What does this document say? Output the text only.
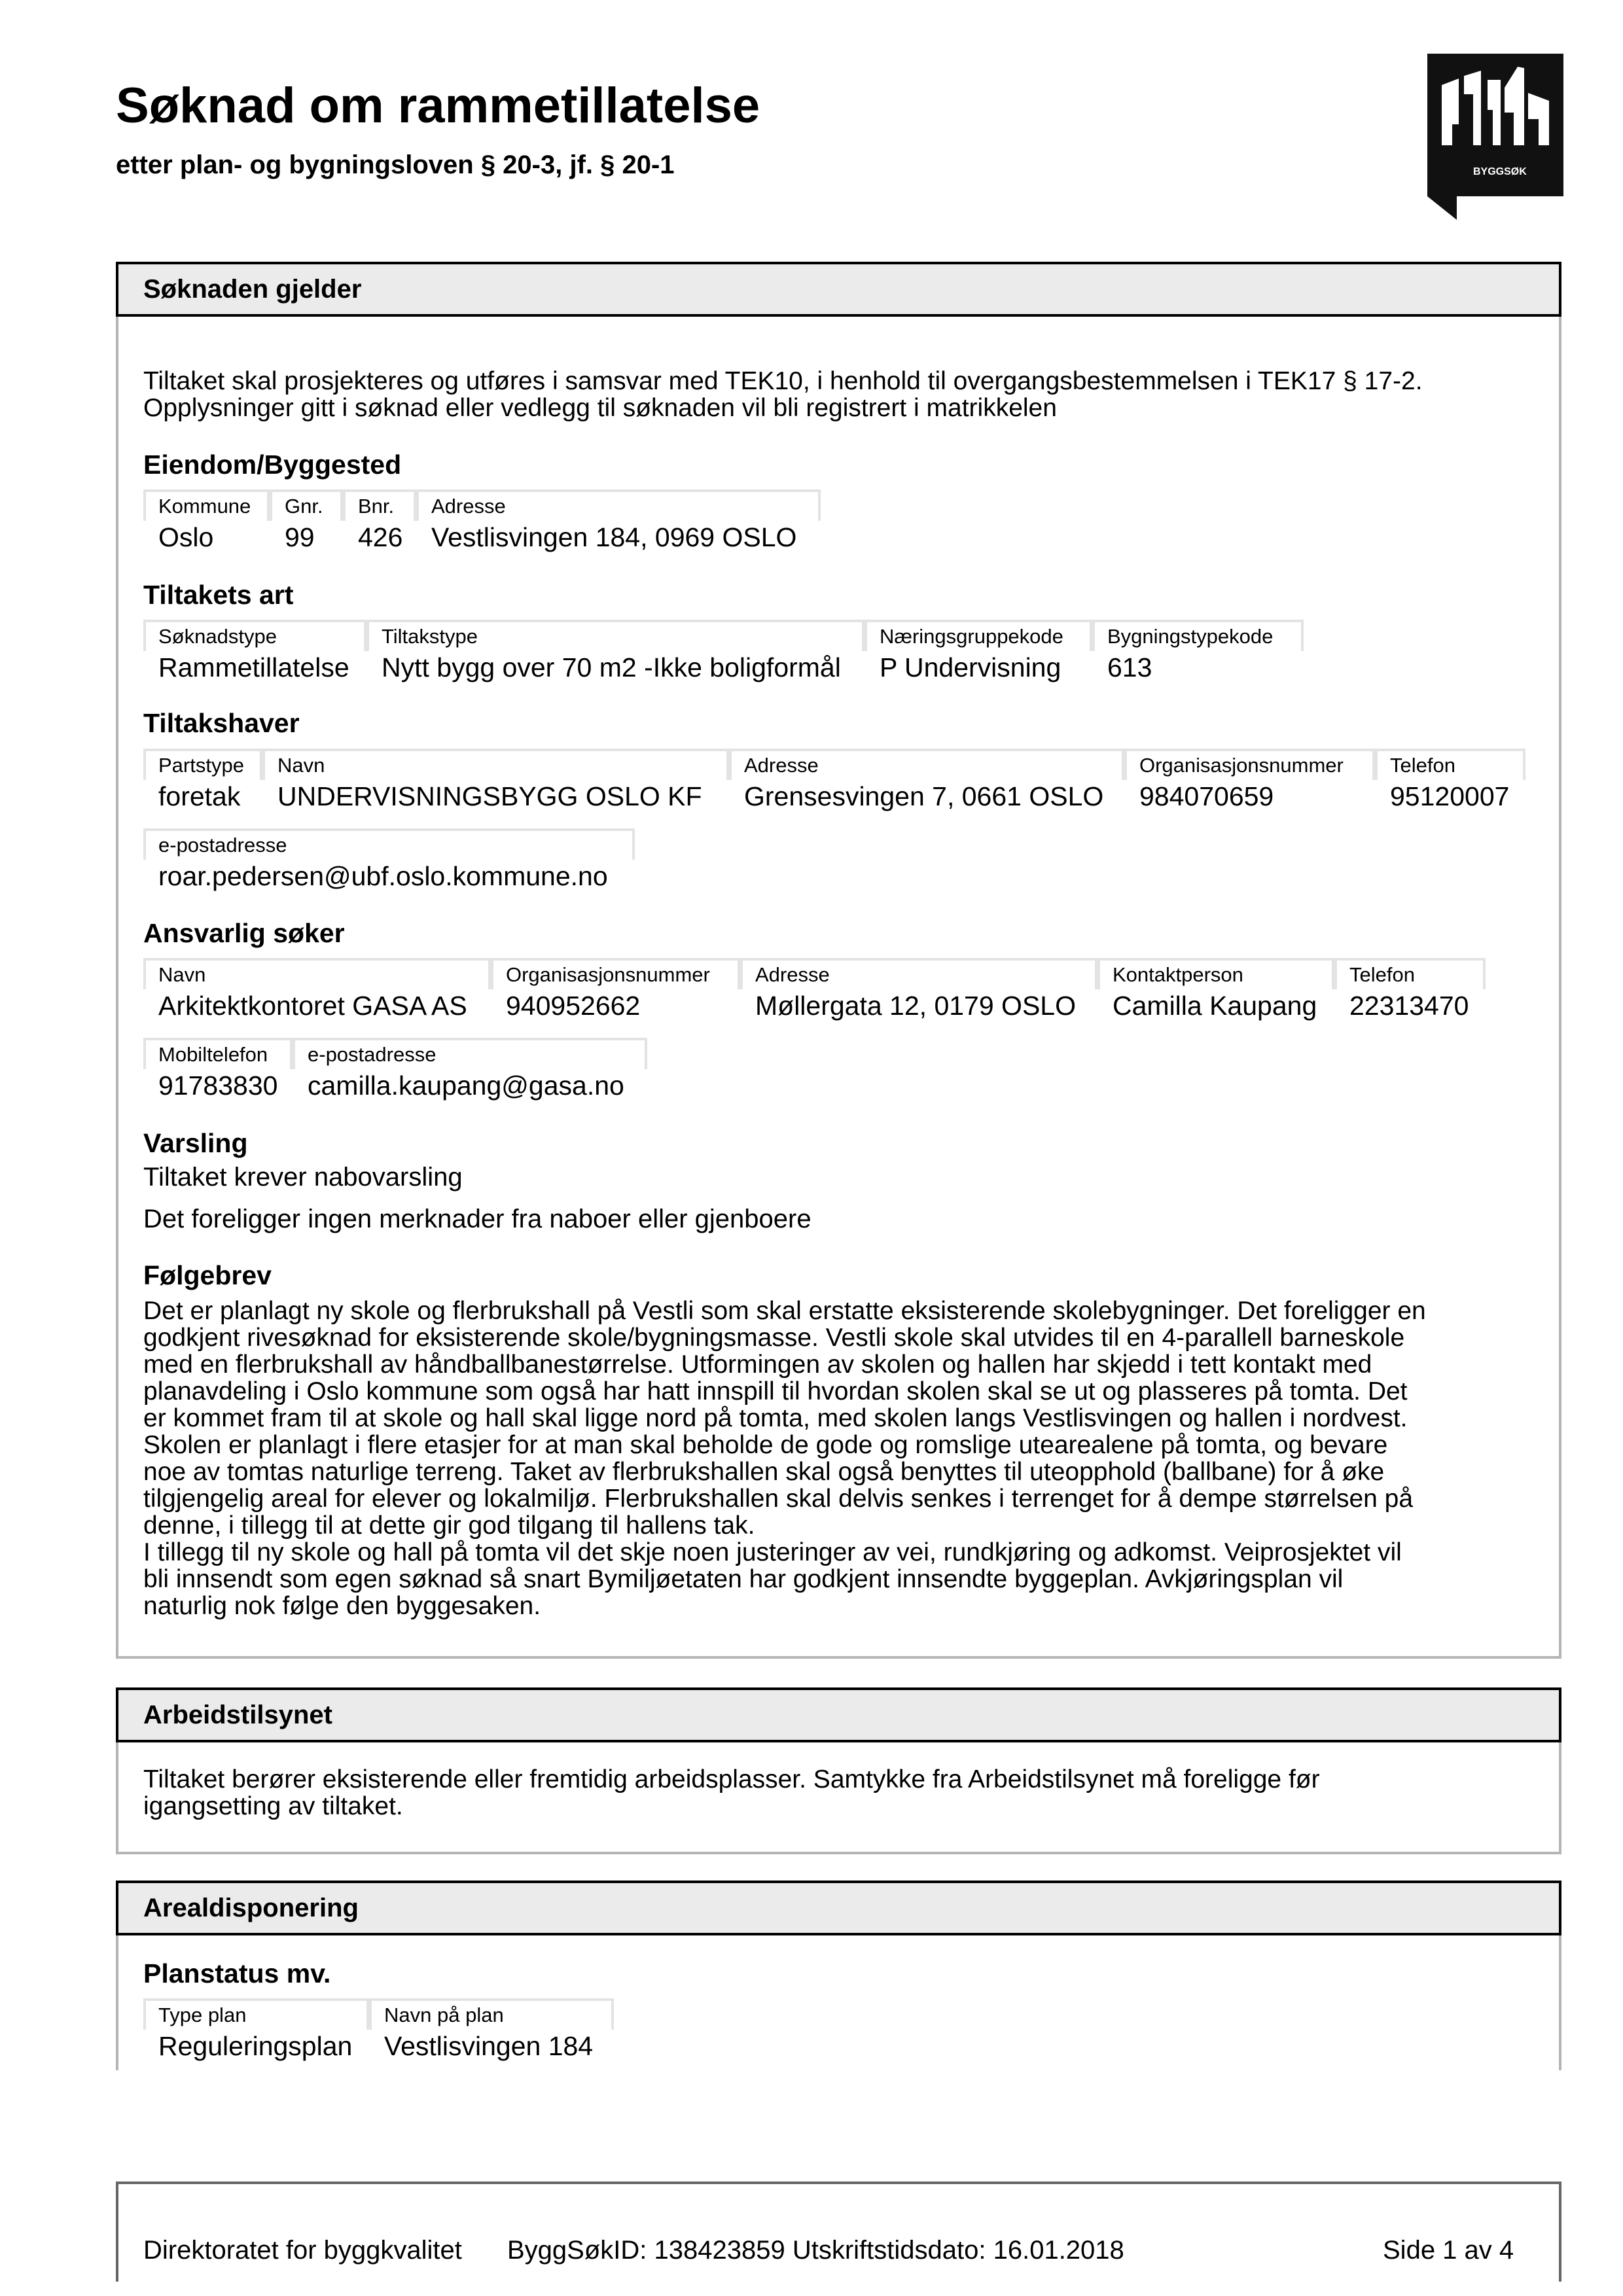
Søknad om rammetillatelse
etter plan- og bygningsloven § 20-3, jf. § 20-1	BYGGSØK
Søknaden gjelder
Tiltaket skal prosjekteres og utføres i samsvar med TEK10, i henhold til overgangsbestemmelsen i TEK17 § 17-2.
Opplysninger gitt i søknad eller vedlegg til søknaden vil bli registrert i matrikkelen
Eiendom/Byggested
Kommune
Oslo
Gnr.
99
Bnr.
426
Adresse
Vestlisvingen 184, 0969 OSLO
Tiltakets art
Søknadstype
Rammetillatelse
Tiltakstype
Nytt bygg over 70 m2 -Ikke boligformål
Næringsgruppekode
P Undervisning
Bygningstypekode
613
Tiltakshaver
Partstype
foretak
Navn
UNDERVISNINGSBYGG OSLO KF
Adresse
Grensesvingen 7, 0661 OSLO
Organisasjonsnummer
984070659
Telefon
95120007
e-postadresse
roar.pedersen@ubf.oslo.kommune.no
Ansvarlig søker
Navn
Arkitektkontoret GASA AS
Organisasjonsnummer
940952662
Adresse
Møllergata 12, 0179 OSLO
Kontaktperson
Camilla Kaupang
Telefon
22313470
Mobiltelefon
91783830
e-postadresse
camilla.kaupang@gasa.no
Varsling
Tiltaket krever nabovarsling
Det foreligger ingen merknader fra naboer eller gjenboere
Følgebrev
Det er planlagt ny skole og flerbrukshall på Vestli som skal erstatte eksisterende skolebygninger. Det foreligger en
godkjent rivesøknad for eksisterende skole/bygningsmasse. Vestli skole skal utvides til en 4-parallell barneskole
med en flerbrukshall av håndballbanestørrelse. Utformingen av skolen og hallen har skjedd i tett kontakt med
planavdeling i Oslo kommune som også har hatt innspill til hvordan skolen skal se ut og plasseres på tomta. Det
er kommet fram til at skole og hall skal ligge nord på tomta, med skolen langs Vestlisvingen og hallen i nordvest.
Skolen er planlagt i flere etasjer for at man skal beholde de gode og romslige utearealene på tomta, og bevare
noe av tomtas naturlige terreng. Taket av flerbrukshallen skal også benyttes til uteopphold (ballbane) for å øke
tilgjengelig areal for elever og lokalmiljø. Flerbrukshallen skal delvis senkes i terrenget for å dempe størrelsen på
denne, i tillegg til at dette gir god tilgang til hallens tak.
I tillegg til ny skole og hall på tomta vil det skje noen justeringer av vei, rundkjøring og adkomst. Veiprosjektet vil
bli innsendt som egen søknad så snart Bymiljøetaten har godkjent innsendte byggeplan. Avkjøringsplan vil
naturlig nok følge den byggesaken.
Arbeidstilsynet
Tiltaket berører eksisterende eller fremtidig arbeidsplasser. Samtykke fra Arbeidstilsynet må foreligge før
igangsetting av tiltaket.
Arealdisponering
Planstatus mv.
Type plan
Reguleringsplan
Navn på plan
Vestlisvingen 184
Direktoratet for byggkvalitet ByggSøkID: 138423859 Utskriftstidsdato: 16.01.2018	Side 1 av 4
